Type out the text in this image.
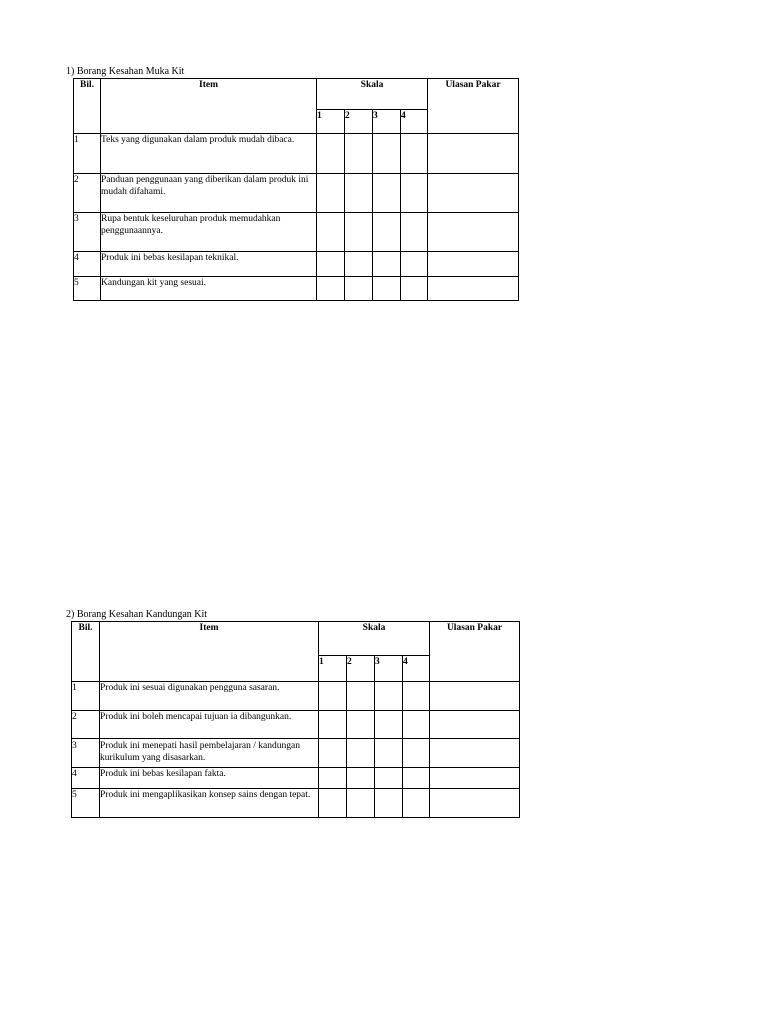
1) Borang Kesahan Muka Kit
Bil.	Item	Skala				Ulasan Pakar
		1	2	3	4	
1	Teks yang digunakan dalam produk mudah dibaca.					
2	Panduan penggunaan yang diberikan dalam produk ini mudah difahami.					
3	Rupa bentuk keseluruhan produk memudahkan penggunaannya.					
4	Produk ini bebas kesilapan teknikal.					
5	Kandungan kit yang sesuai.					
2) Borang Kesahan Kandungan Kit
Bil.	Item	Skala				Ulasan Pakar
		1	2	3	4	
1	Produk ini sesuai digunakan pengguna sasaran.					
2	Produk ini boleh mencapai tujuan ia dibangunkan.					
3	Produk ini menepati hasil pembelajaran / kandungan kurikulum yang disasarkan.					
4	Produk ini bebas kesilapan fakta.					
5	Produk ini mengaplikasikan konsep sains dengan tepat.					
